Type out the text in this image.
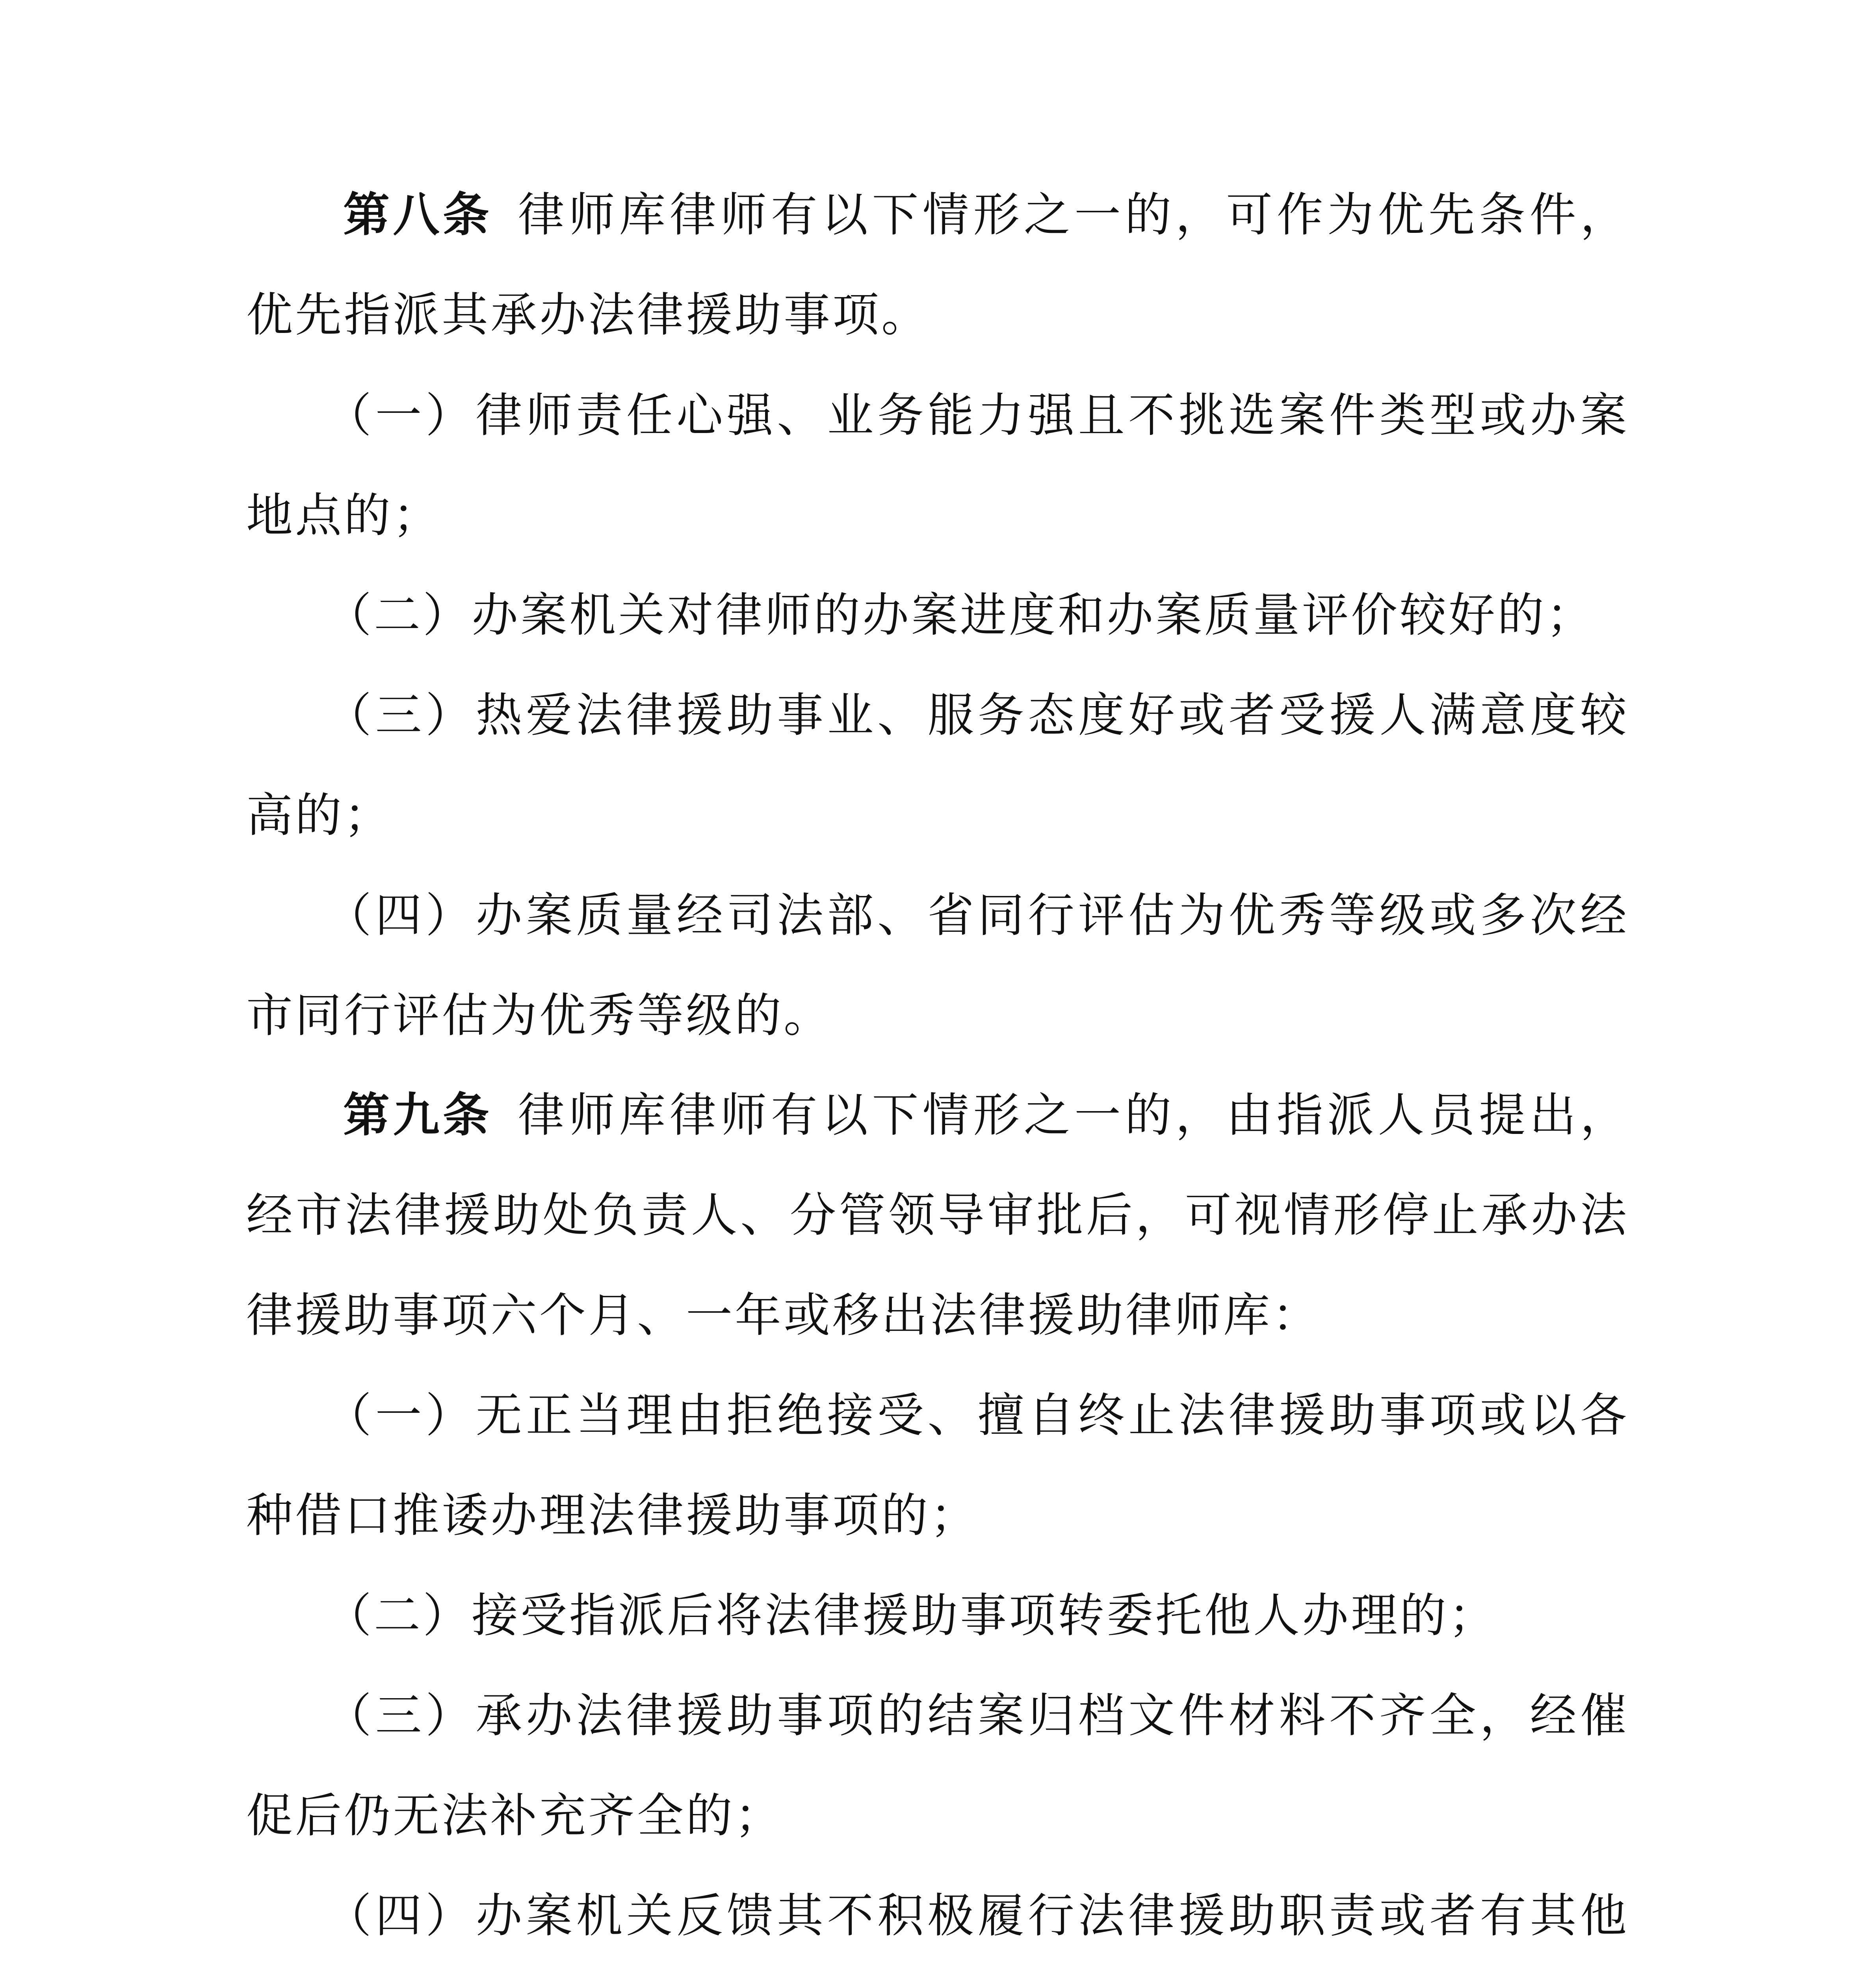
第八条 律师库律师有以下情形之一的，可作为优先条件，优先指派其承办法律援助事项。

（一）律师责任心强、业务能力强且不挑选案件类型或办案地点的；

（二）办案机关对律师的办案进度和办案质量评价较好的；

（三）热爱法律援助事业、服务态度好或者受援人满意度较高的；

（四）办案质量经司法部、省同行评估为优秀等级或多次经市同行评估为优秀等级的。

第九条 律师库律师有以下情形之一的，由指派人员提出，经市法律援助处负责人、分管领导审批后，可视情形停止承办法律援助事项六个月、一年或移出法律援助律师库：

（一）无正当理由拒绝接受、擅自终止法律援助事项或以各种借口推诿办理法律援助事项的；

（二）接受指派后将法律援助事项转委托他人办理的；

（三）承办法律援助事项的结案归档文件材料不齐全，经催促后仍无法补充齐全的；

（四）办案机关反馈其不积极履行法律援助职责或者有其他
